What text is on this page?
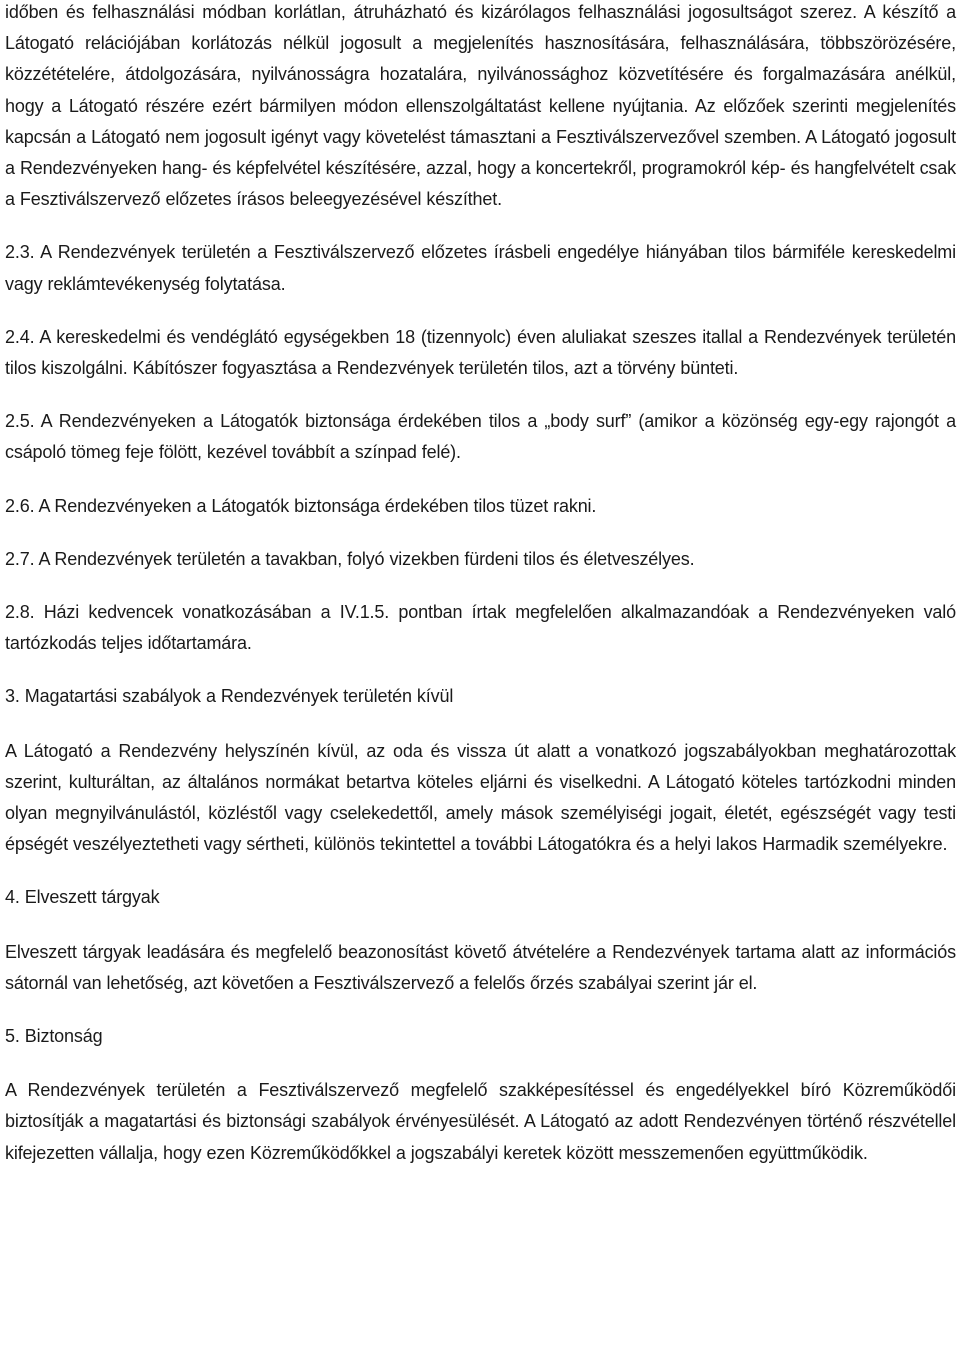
időben és felhasználási módban korlátlan, átruházható és kizárólagos felhasználási jogosultságot szerez. A készítő a Látogató relációjában korlátozás nélkül jogosult a megjelenítés hasznosítására, felhasználására, többszörözésére, közzétételére, átdolgozására, nyilvánosságra hozatalára, nyilvánossághoz közvetítésére és forgalmazására anélkül, hogy a Látogató részére ezért bármilyen módon ellenszolgáltatást kellene nyújtania. Az előzőek szerinti megjelenítés kapcsán a Látogató nem jogosult igényt vagy követelést támasztani a Fesztiválszervezővel szemben. A Látogató jogosult a Rendezvényeken hang- és képfelvétel készítésére, azzal, hogy a koncertekről, programokról kép- és hangfelvételt csak a Fesztiválszervező előzetes írásos beleegyezésével készíthet.

2.3. A Rendezvények területén a Fesztiválszervező előzetes írásbeli engedélye hiányában tilos bármiféle kereskedelmi vagy reklámtevékenység folytatása.

2.4. A kereskedelmi és vendéglátó egységekben 18 (tizennyolc) éven aluliakat szeszes itallal a Rendezvények területén tilos kiszolgálni. Kábítószer fogyasztása a Rendezvények területén tilos, azt a törvény bünteti.

2.5. A Rendezvényeken a Látogatók biztonsága érdekében tilos a „body surf” (amikor a közönség egy-egy rajongót a csápoló tömeg feje fölött, kezével továbbít a színpad felé).

2.6. A Rendezvényeken a Látogatók biztonsága érdekében tilos tüzet rakni.

2.7. A Rendezvények területén a tavakban, folyó vizekben fürdeni tilos és életveszélyes.

2.8. Házi kedvencek vonatkozásában a IV.1.5. pontban írtak megfelelően alkalmazandóak a Rendezvényeken való tartózkodás teljes időtartamára.

3. Magatartási szabályok a Rendezvények területén kívül

A Látogató a Rendezvény helyszínén kívül, az oda és vissza út alatt a vonatkozó jogszabályokban meghatározottak szerint, kulturáltan, az általános normákat betartva köteles eljárni és viselkedni. A Látogató köteles tartózkodni minden olyan megnyilvánulástól, közléstől vagy cselekedettől, amely mások személyiségi jogait, életét, egészségét vagy testi épségét veszélyeztetheti vagy sértheti, különös tekintettel a további Látogatókra és a helyi lakos Harmadik személyekre.

4. Elveszett tárgyak

Elveszett tárgyak leadására és megfelelő beazonosítást követő átvételére a Rendezvények tartama alatt az információs sátornál van lehetőség, azt követően a Fesztiválszervező a felelős őrzés szabályai szerint jár el.

5. Biztonság

A Rendezvények területén a Fesztiválszervező megfelelő szakképesítéssel és engedélyekkel bíró Közreműködői biztosítják a magatartási és biztonsági szabályok érvényesülését. A Látogató az adott Rendezvényen történő részvétellel kifejezetten vállalja, hogy ezen Közreműködőkkel a jogszabályi keretek között messzemenően együttműködik.
